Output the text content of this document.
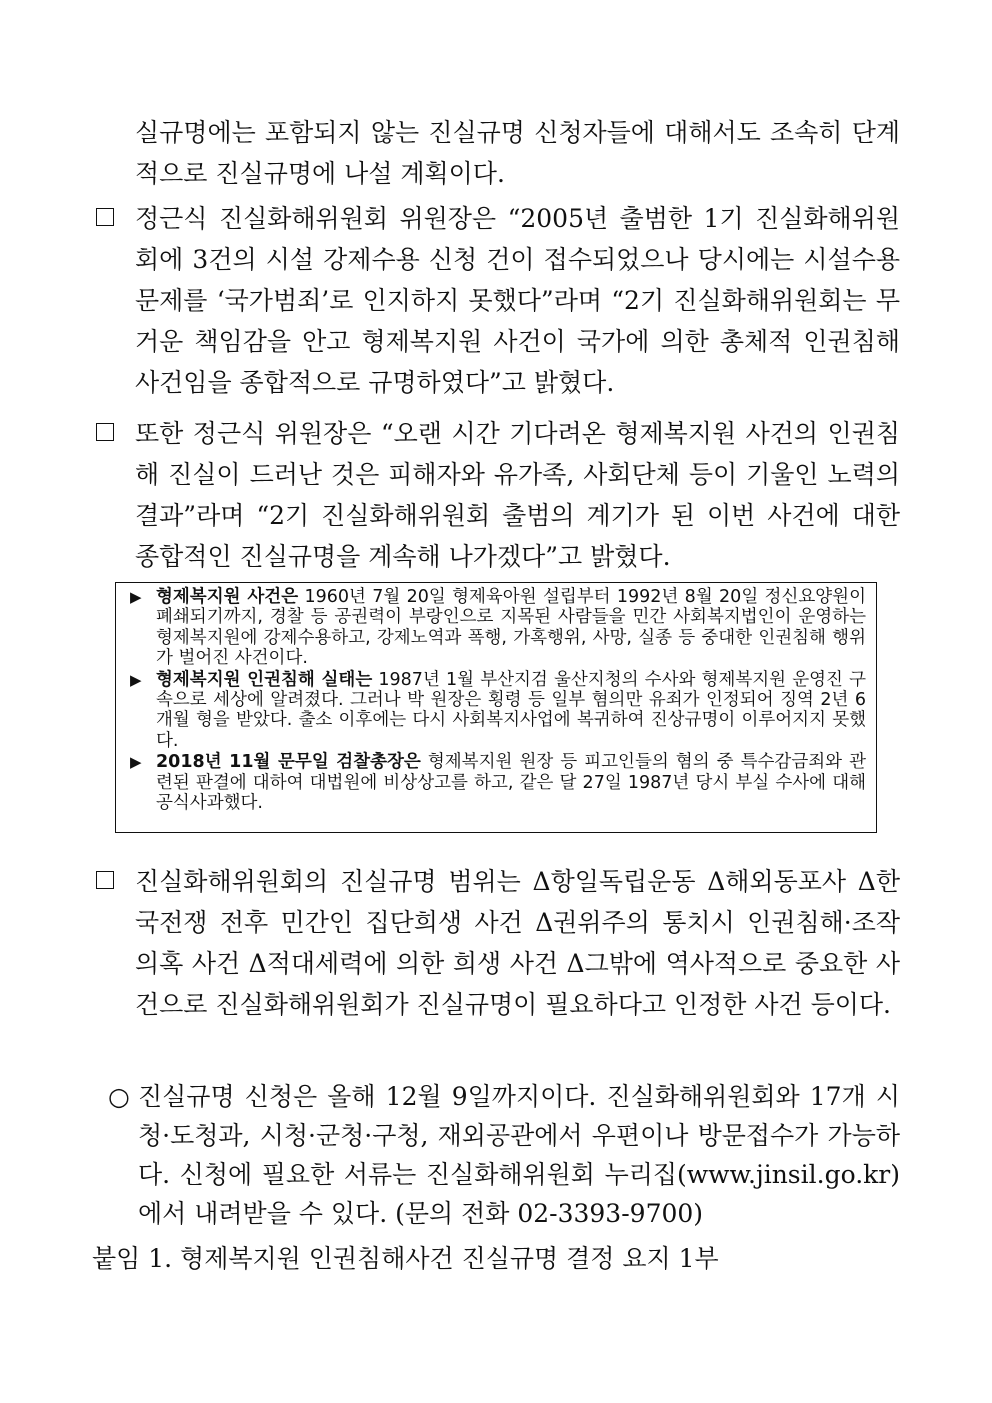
실규명에는 포함되지 않는 진실규명 신청자들에 대해서도 조속히 단계적으로 진실규명에 나설 계획이다.
정근식 진실화해위원회 위원장은 “2005년 출범한 1기 진실화해위원회에 3건의 시설 강제수용 신청 건이 접수되었으나 당시에는 시설수용 문제를 ‘국가범죄’로 인지하지 못했다”라며 “2기 진실화해위원회는 무거운 책임감을 안고 형제복지원 사건이 국가에 의한 총체적 인권침해 사건임을 종합적으로 규명하였다”고 밝혔다.
또한 정근식 위원장은 “오랜 시간 기다려온 형제복지원 사건의 인권침해 진실이 드러난 것은 피해자와 유가족, 사회단체 등이 기울인 노력의 결과”라며 “2기 진실화해위원회 출범의 계기가 된 이번 사건에 대한 종합적인 진실규명을 계속해 나가겠다”고 밝혔다.
▶ 형제복지원 사건은 1960년 7월 20일 형제육아원 설립부터 1992년 8월 20일 정신요양원이 폐쇄되기까지, 경찰 등 공권력이 부랑인으로 지목된 사람들을 민간 사회복지법인이 운영하는 형제복지원에 강제수용하고, 강제노역과 폭행, 가혹행위, 사망, 실종 등 중대한 인권침해 행위가 벌어진 사건이다.
▶ 형제복지원 인권침해 실태는 1987년 1월 부산지검 울산지청의 수사와 형제복지원 운영진 구속으로 세상에 알려졌다. 그러나 박 원장은 횡령 등 일부 혐의만 유죄가 인정되어 징역 2년 6개월 형을 받았다. 출소 이후에는 다시 사회복지사업에 복귀하여 진상규명이 이루어지지 못했다.
▶ 2018년 11월 문무일 검찰총장은 형제복지원 원장 등 피고인들의 혐의 중 특수감금죄와 관련된 판결에 대하여 대법원에 비상상고를 하고, 같은 달 27일 1987년 당시 부실 수사에 대해 공식사과했다.
진실화해위원회의 진실규명 범위는 Δ항일독립운동 Δ해외동포사 Δ한국전쟁 전후 민간인 집단희생 사건 Δ권위주의 통치시 인권침해·조작 의혹 사건 Δ적대세력에 의한 희생 사건 Δ그밖에 역사적으로 중요한 사건으로 진실화해위원회가 진실규명이 필요하다고 인정한 사건 등이다.
○ 진실규명 신청은 올해 12월 9일까지이다. 진실화해위원회와 17개 시청·도청과, 시청·군청·구청, 재외공관에서 우편이나 방문접수가 가능하다. 신청에 필요한 서류는 진실화해위원회 누리집(www.jinsil.go.kr)에서 내려받을 수 있다. (문의 전화 02-3393-9700)
붙임 1. 형제복지원 인권침해사건 진실규명 결정 요지 1부
